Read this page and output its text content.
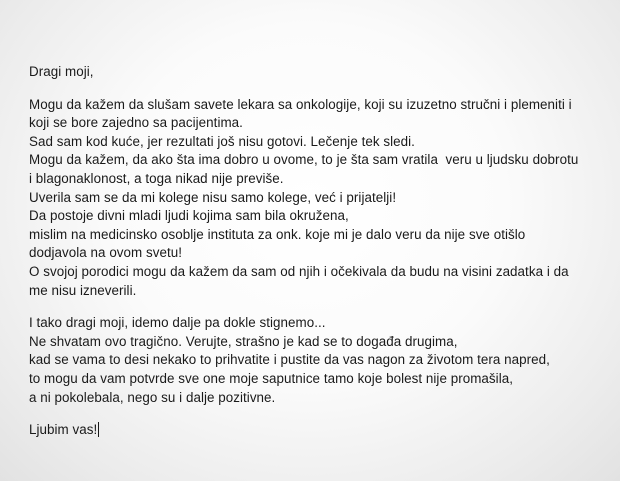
Dragi moji,
Mogu da kažem da slušam savete lekara sa onkologije, koji su izuzetno stručni i plemeniti i
koji se bore zajedno sa pacijentima.
Sad sam kod kuće, jer rezultati još nisu gotovi. Lečenje tek sledi.
Mogu da kažem, da ako šta ima dobro u ovome, to je šta sam vratila  veru u ljudsku dobrotu
i blagonaklonost, a toga nikad nije previše.
Uverila sam se da mi kolege nisu samo kolege, već i prijatelji!
Da postoje divni mladi ljudi kojima sam bila okružena,
mislim na medicinsko osoblje instituta za onk. koje mi je dalo veru da nije sve otišlo
dodjavola na ovom svetu!
O svojoj porodici mogu da kažem da sam od njih i očekivala da budu na visini zadatka i da
me nisu izneverili.
I tako dragi moji, idemo dalje pa dokle stignemo...
Ne shvatam ovo tragično. Verujte, strašno je kad se to događa drugima,
kad se vama to desi nekako to prihvatite i pustite da vas nagon za životom tera napred,
to mogu da vam potvrde sve one moje saputnice tamo koje bolest nije promašila,
a ni pokolebala, nego su i dalje pozitivne.
Ljubim vas!
